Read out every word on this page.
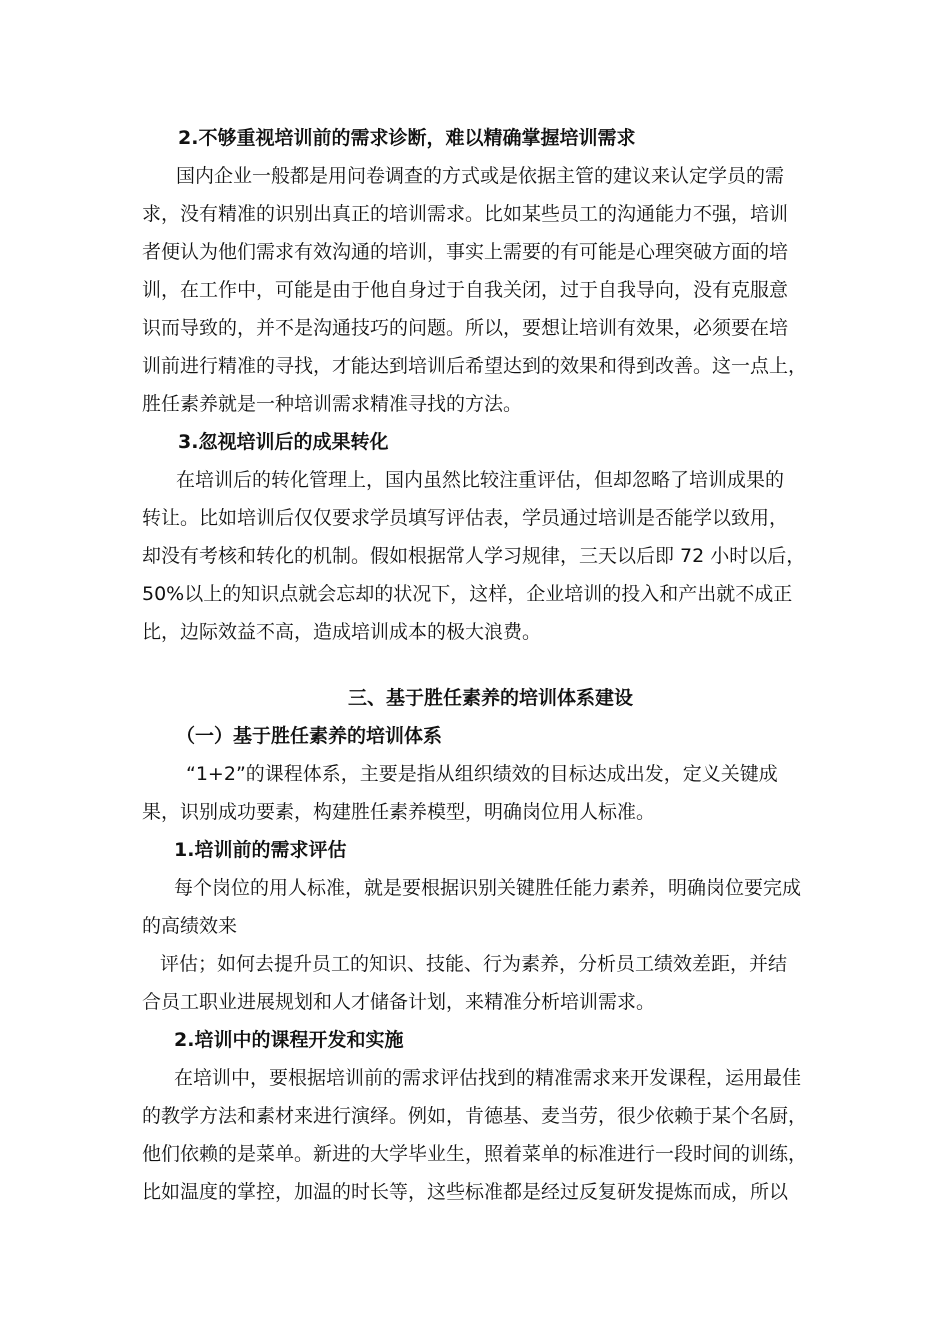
2.不够重视培训前的需求诊断，难以精确掌握培训需求
国内企业一般都是用问卷调查的方式或是依据主管的建议来认定学员的需
求，没有精准的识别出真正的培训需求。比如某些员工的沟通能力不强，培训
者便认为他们需求有效沟通的培训，事实上需要的有可能是心理突破方面的培
训，在工作中，可能是由于他自身过于自我关闭，过于自我导向，没有克服意
识而导致的，并不是沟通技巧的问题。所以，要想让培训有效果，必须要在培
训前进行精准的寻找，才能达到培训后希望达到的效果和得到改善。这一点上，
胜任素养就是一种培训需求精准寻找的方法。
3.忽视培训后的成果转化
在培训后的转化管理上，国内虽然比较注重评估，但却忽略了培训成果的
转让。比如培训后仅仅要求学员填写评估表，学员通过培训是否能学以致用，
却没有考核和转化的机制。假如根据常人学习规律，三天以后即 72 小时以后，
50%以上的知识点就会忘却的状况下，这样，企业培训的投入和产出就不成正
比，边际效益不高，造成培训成本的极大浪费。
三、基于胜任素养的培训体系建设
（一）基于胜任素养的培训体系
“1+2”的课程体系，主要是指从组织绩效的目标达成出发，定义关键成
果，识别成功要素，构建胜任素养模型，明确岗位用人标准。
1.培训前的需求评估
每个岗位的用人标准，就是要根据识别关键胜任能力素养，明确岗位要完成
的高绩效来
评估；如何去提升员工的知识、技能、行为素养，分析员工绩效差距，并结
合员工职业进展规划和人才储备计划，来精准分析培训需求。
2.培训中的课程开发和实施
在培训中，要根据培训前的需求评估找到的精准需求来开发课程，运用最佳
的教学方法和素材来进行演绎。例如，肯德基、麦当劳，很少依赖于某个名厨，
他们依赖的是菜单。新进的大学毕业生，照着菜单的标准进行一段时间的训练，
比如温度的掌控，加温的时长等，这些标准都是经过反复研发提炼而成，所以
